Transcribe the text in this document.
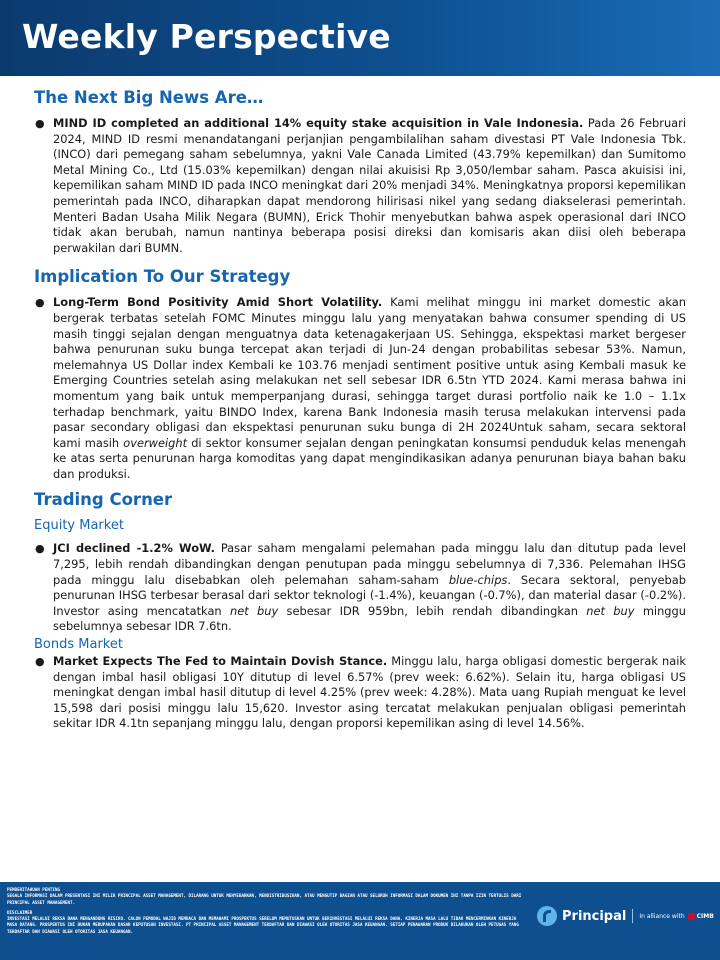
Weekly Perspective
The Next Big News Are…
● MIND ID completed an additional 14% equity stake acquisition in Vale Indonesia. Pada 26 Februari 2024, MIND ID resmi menandatangani perjanjian pengambilalihan saham divestasi PT Vale Indonesia Tbk. (INCO) dari pemegang saham sebelumnya, yakni Vale Canada Limited (43.79% kepemilkan) dan Sumitomo Metal Mining Co., Ltd (15.03% kepemilkan) dengan nilai akuisisi Rp 3,050/lembar saham. Pasca akuisisi ini, kepemilikan saham MIND ID pada INCO meningkat dari 20% menjadi 34%. Meningkatnya proporsi kepemilikan pemerintah pada INCO, diharapkan dapat mendorong hilirisasi nikel yang sedang diakselerasi pemerintah. Menteri Badan Usaha Milik Negara (BUMN), Erick Thohir menyebutkan bahwa aspek operasional dari INCO tidak akan berubah, namun nantinya beberapa posisi direksi dan komisaris akan diisi oleh beberapa perwakilan dari BUMN.
Implication To Our Strategy
● Long-Term Bond Positivity Amid Short Volatility. Kami melihat minggu ini market domestic akan bergerak terbatas setelah FOMC Minutes minggu lalu yang menyatakan bahwa consumer spending di US masih tinggi sejalan dengan menguatnya data ketenagakerjaan US. Sehingga, ekspektasi market bergeser bahwa penurunan suku bunga tercepat akan terjadi di Jun-24 dengan probabilitas sebesar 53%. Namun, melemahnya US Dollar index Kembali ke 103.76 menjadi sentiment positive untuk asing Kembali masuk ke Emerging Countries setelah asing melakukan net sell sebesar IDR 6.5tn YTD 2024. Kami merasa bahwa ini momentum yang baik untuk memperpanjang durasi, sehingga target durasi portfolio naik ke 1.0 – 1.1x terhadap benchmark, yaitu BINDO Index, karena Bank Indonesia masih terusa melakukan intervensi pada pasar secondary obligasi dan ekspektasi penurunan suku bunga di 2H 2024Untuk saham, secara sektoral kami masih overweight di sektor konsumer sejalan dengan peningkatan konsumsi penduduk kelas menengah ke atas serta penurunan harga komoditas yang dapat mengindikasikan adanya penurunan biaya bahan baku dan produksi.
Trading Corner
Equity Market
● JCI declined -1.2% WoW. Pasar saham mengalami pelemahan pada minggu lalu dan ditutup pada level 7,295, lebih rendah dibandingkan dengan penutupan pada minggu sebelumnya di 7,336. Pelemahan IHSG pada minggu lalu disebabkan oleh pelemahan saham-saham blue-chips. Secara sektoral, penyebab penurunan IHSG terbesar berasal dari sektor teknologi (-1.4%), keuangan (-0.7%), dan material dasar (-0.2%). Investor asing mencatatkan net buy sebesar IDR 959bn, lebih rendah dibandingkan net buy minggu sebelumnya sebesar IDR 7.6tn.
Bonds Market
● Market Expects The Fed to Maintain Dovish Stance. Minggu lalu, harga obligasi domestic bergerak naik dengan imbal hasil obligasi 10Y ditutup di level 6.57% (prev week: 6.62%). Selain itu, harga obligasi US meningkat dengan imbal hasil ditutup di level 4.25% (prev week: 4.28%). Mata uang Rupiah menguat ke level 15,598 dari posisi minggu lalu 15,620. Investor asing tercatat melakukan penjualan obligasi pemerintah sekitar IDR 4.1tn sepanjang minggu lalu, dengan proporsi kepemilikan asing di level 14.56%.

PEMBERITAHUAN PENTING

SEGALA INFORMASI DALAM PRESENTASI INI MILIK PRINCIPAL ASSET MANAGEMENT, DILARANG UNTUK MENYEBARKAN, MENDISTRIBUSIKAN, ATAU MENGUTIP BAGIAN ATAU SELURUH INFORMASI DALAM DOKUMEN INI TANPA IZIN TERTULIS DARI PRINCIPAL ASSET MANAGEMENT.

DISCLAIMER

INVESTASI MELALUI REKSA DANA MENGANDUNG RISIKO. CALON PEMODAL WAJIB MEMBACA DAN MEMAHAMI PROSPEKTUS SEBELUM MEMUTUSKAN UNTUK BERINVESTASI MELALUI REKSA DANA. KINERJA MASA LALU TIDAK MENCERMINKAN KINERJA MASA DATANG. PROSPEKTUS INI BUKAN MERUPAKAN DASAR KEPUTUSAN INVESTASI. PT PRINCIPAL ASSET MANAGEMENT TERDAFTAR DAN DIAWASI OLEH OTORITAS JASA KEUANGAN. SETIAP PENAWARAN PRODUK DILAKUKAN OLEH PETUGAS YANG TERDAFTAR DAN DIAWASI OLEH OTORITAS JASA KEUANGAN.

Principal In alliance with CIMB
